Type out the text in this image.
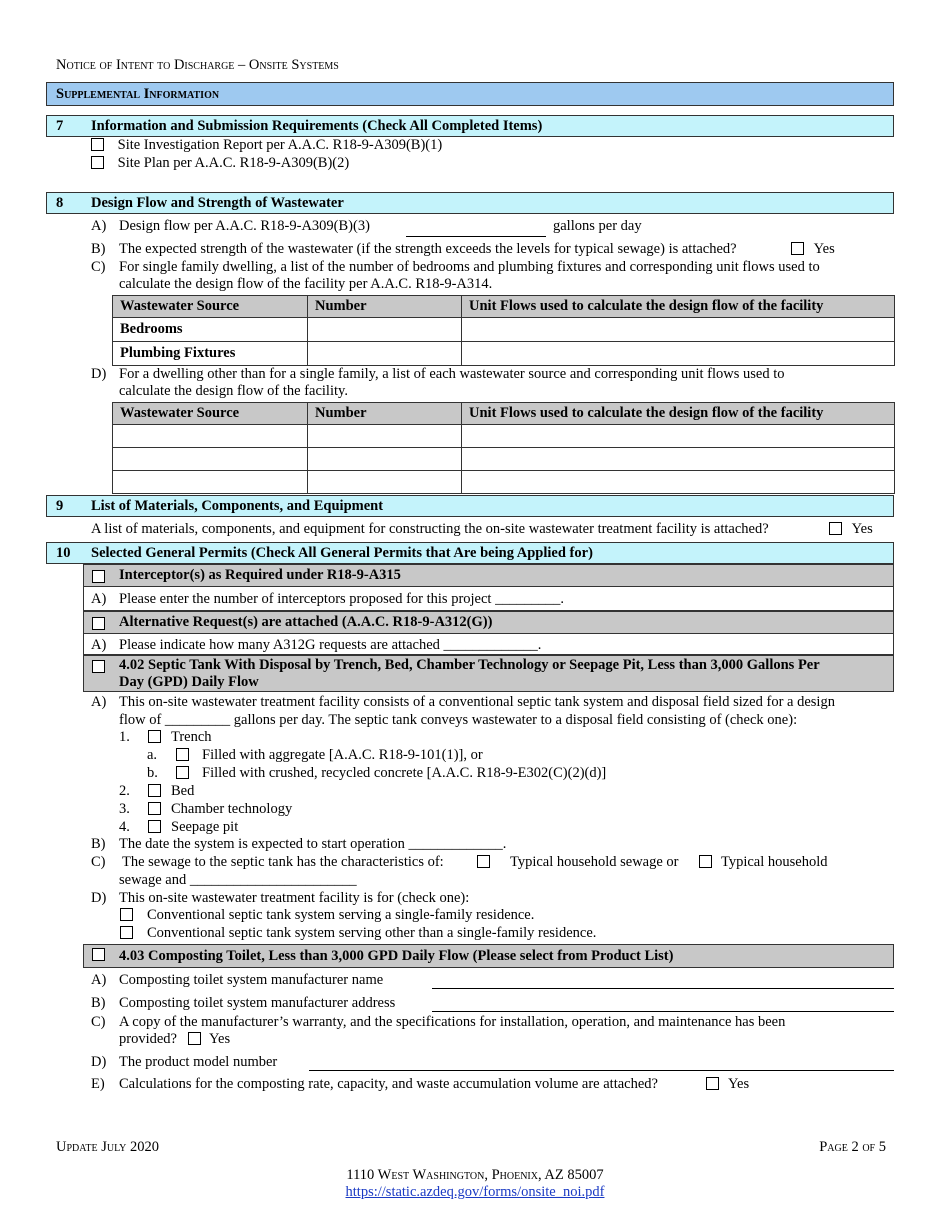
Notice of Intent to Discharge – Onsite Systems
Supplemental Information
7 Information and Submission Requirements (Check All Completed Items)
Site Investigation Report per A.A.C. R18-9-A309(B)(1)
Site Plan per A.A.C. R18-9-A309(B)(2)
8 Design Flow and Strength of Wastewater
A) Design flow per A.A.C. R18-9-A309(B)(3)	gallons per day
B) The expected strength of the wastewater (if the strength exceeds the levels for typical sewage) is attached?	Yes
C) For single family dwelling, a list of the number of bedrooms and plumbing fixtures and corresponding unit flows used to
calculate the design flow of the facility per A.A.C. R18-9-A314.
Wastewater Source	Number	Unit Flows used to calculate the design flow of the facility
Bedrooms		
Plumbing Fixtures		
D) For a dwelling other than for a single family, a list of each wastewater source and corresponding unit flows used to
calculate the design flow of the facility.
Wastewater Source	Number	Unit Flows used to calculate the design flow of the facility

9 List of Materials, Components, and Equipment
A list of materials, components, and equipment for constructing the on-site wastewater treatment facility is attached?	Yes
10 Selected General Permits (Check All General Permits that Are being Applied for)
Interceptor(s) as Required under R18-9-A315
A) Please enter the number of interceptors proposed for this project _________.
Alternative Request(s) are attached (A.A.C. R18-9-A312(G))
A) Please indicate how many A312G requests are attached _____________.
4.02 Septic Tank With Disposal by Trench, Bed, Chamber Technology or Seepage Pit, Less than 3,000 Gallons Per
Day (GPD) Daily Flow
A) This on-site wastewater treatment facility consists of a conventional septic tank system and disposal field sized for a design
flow of _________ gallons per day. The septic tank conveys wastewater to a disposal field consisting of (check one):
1.	Trench
a.	Filled with aggregate [A.A.C. R18-9-101(1)], or
b.	Filled with crushed, recycled concrete [A.A.C. R18-9-E302(C)(2)(d)]
2.	Bed
3.	Chamber technology
4.	Seepage pit
B) The date the system is expected to start operation _____________.
C) The sewage to the septic tank has the characteristics of:	Typical household sewage or	Typical household
sewage and _______________________
D) This on-site wastewater treatment facility is for (check one):
Conventional septic tank system serving a single-family residence.
Conventional septic tank system serving other than a single-family residence.
4.03 Composting Toilet, Less than 3,000 GPD Daily Flow (Please select from Product List)
A) Composting toilet system manufacturer name
B) Composting toilet system manufacturer address
C) A copy of the manufacturer’s warranty, and the specifications for installation, operation, and maintenance has been
provided?	Yes
D) The product model number
E) Calculations for the composting rate, capacity, and waste accumulation volume are attached?	Yes
Update July 2020	Page 2 of 5
1110 West Washington, Phoenix, AZ 85007
https://static.azdeq.gov/forms/onsite_noi.pdf
